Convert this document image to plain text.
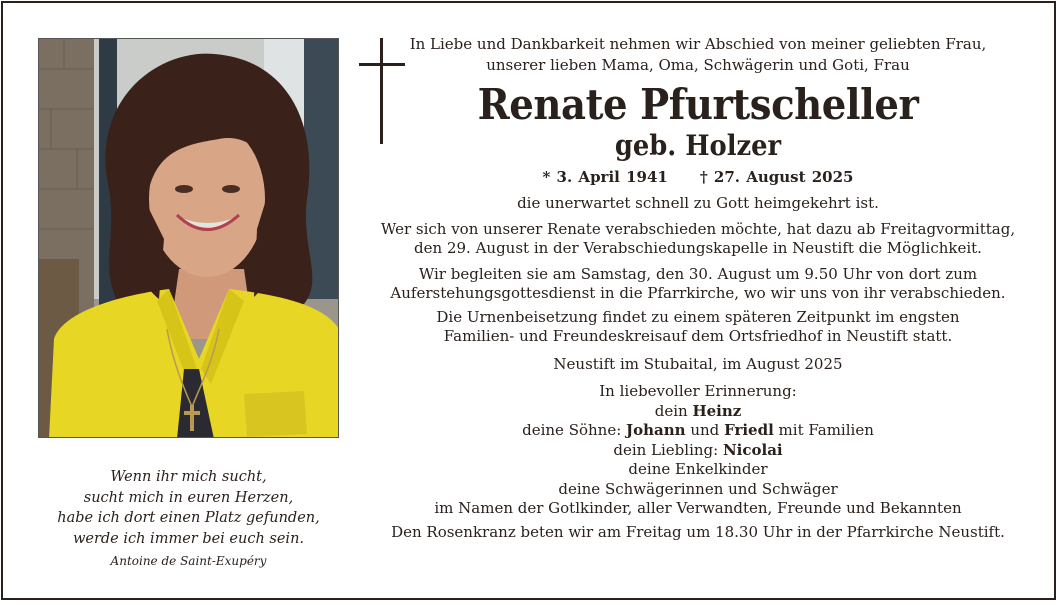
Wenn ihr mich sucht,
sucht mich in euren Herzen,
habe ich dort einen Platz gefunden,
werde ich immer bei euch sein.
Antoine de Saint-Exupéry
In Liebe und Dankbarkeit nehmen wir Abschied von meiner geliebten Frau,
unserer lieben Mama, Oma, Schwägerin und Goti, Frau
Renate Pfurtscheller
geb. Holzer
* 3. April 1941 † 27. August 2025
die unerwartet schnell zu Gott heimgekehrt ist.
Wer sich von unserer Renate verabschieden möchte, hat dazu ab Freitagvormittag,
den 29. August in der Verabschiedungskapelle in Neustift die Möglichkeit.
Wir begleiten sie am Samstag, den 30. August um 9.50 Uhr von dort zum
Auferstehungsgottesdienst in die Pfarrkirche, wo wir uns von ihr verabschieden.
Die Urnenbeisetzung findet zu einem späteren Zeitpunkt im engsten
Familien- und Freundeskreisauf dem Ortsfriedhof in Neustift statt.
Neustift im Stubaital, im August 2025
In liebevoller Erinnerung:
dein Heinz
deine Söhne: Johann und Friedl mit Familien
dein Liebling: Nicolai
deine Enkelkinder
deine Schwägerinnen und Schwäger
im Namen der Gotlkinder, aller Verwandten, Freunde und Bekannten
Den Rosenkranz beten wir am Freitag um 18.30 Uhr in der Pfarrkirche Neustift.
